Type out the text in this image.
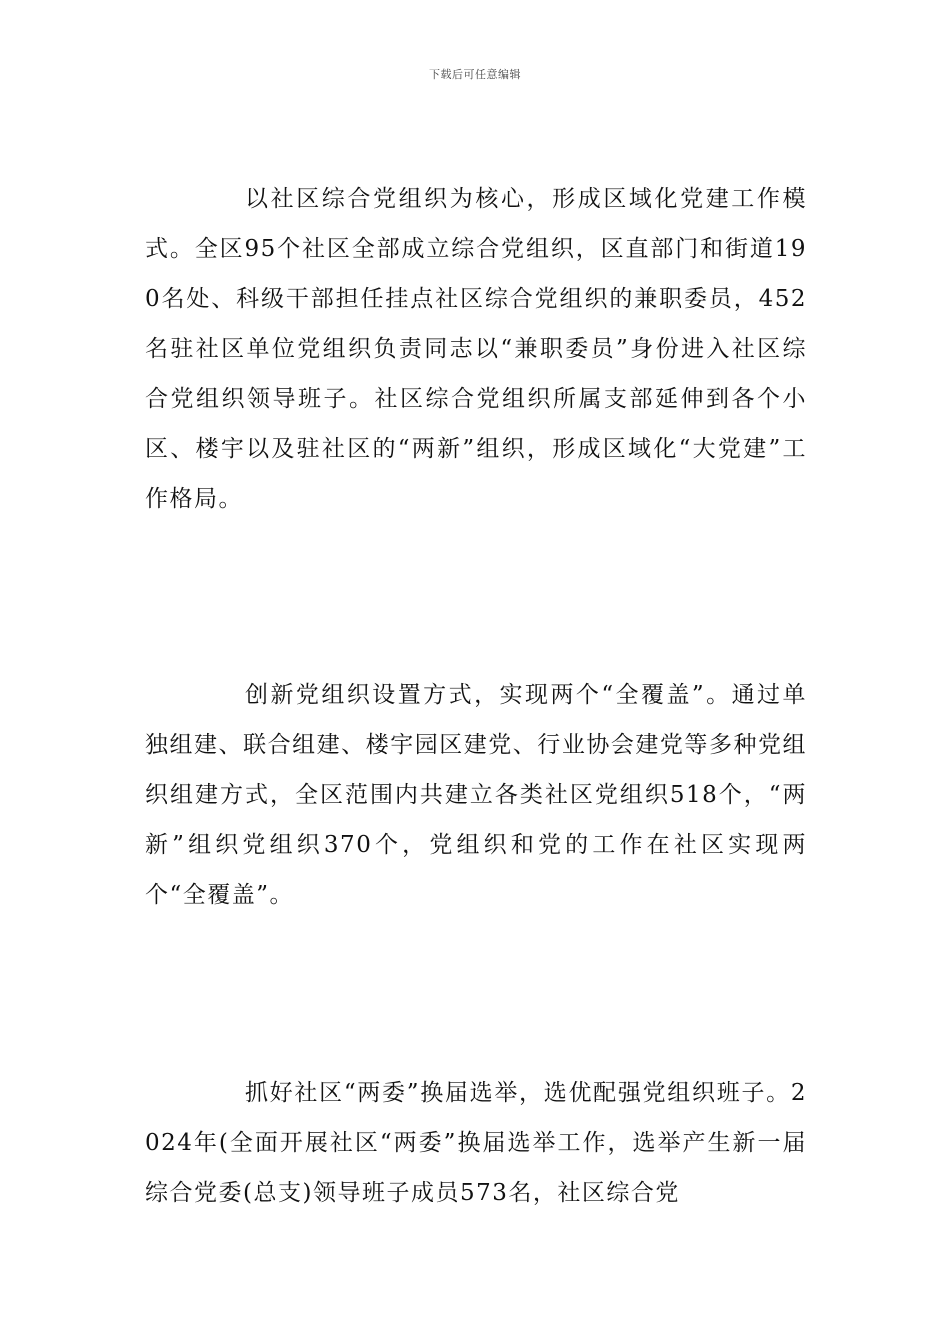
下载后可任意编辑

以社区综合党组织为核心，形成区域化党建工作模式。全区95个社区全部成立综合党组织，区直部门和街道190名处、科级干部担任挂点社区综合党组织的兼职委员，452名驻社区单位党组织负责同志以“兼职委员”身份进入社区综合党组织领导班子。社区综合党组织所属支部延伸到各个小区、楼宇以及驻社区的“两新”组织，形成区域化“大党建”工作格局。

创新党组织设置方式，实现两个“全覆盖”。通过单独组建、联合组建、楼宇园区建党、行业协会建党等多种党组织组建方式，全区范围内共建立各类社区党组织518个，“两新”组织党组织370个，党组织和党的工作在社区实现两个“全覆盖”。

抓好社区“两委”换届选举，选优配强党组织班子。2024年(全面开展社区“两委”换届选举工作，选举产生新一届综合党委(总支)领导班子成员573名，社区综合党
